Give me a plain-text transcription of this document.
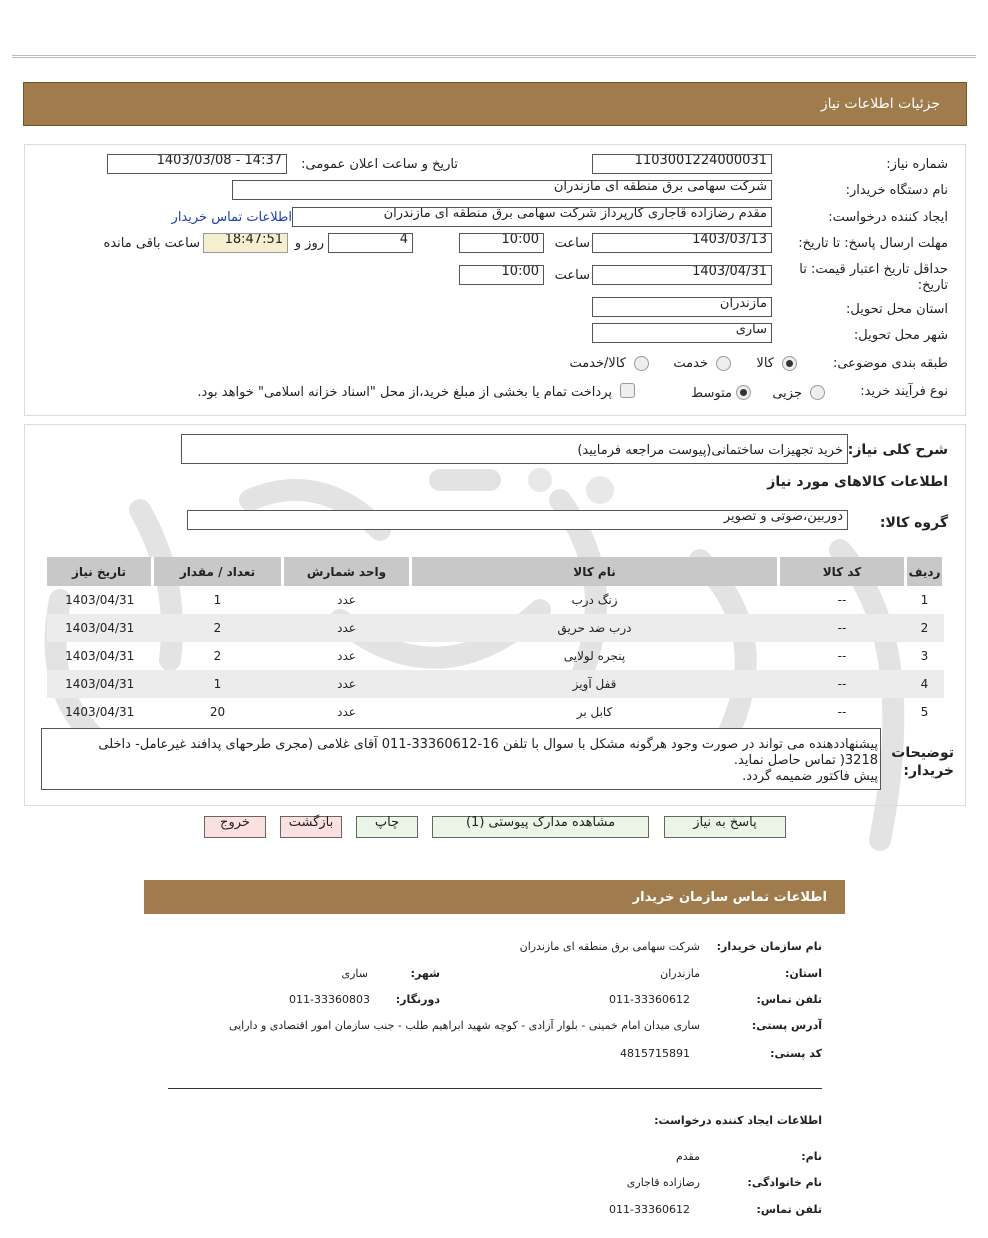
جزئیات اطلاعات نیاز
شماره نیاز:
1103001224000031
تاریخ و ساعت اعلان عمومی:
1403/03/08 - 14:37
نام دستگاه خریدار:
شرکت سهامی برق منطقه ای مازندران
ایجاد کننده درخواست:
مقدم رضازاده قاجاری کارپرداز شرکت سهامی برق منطقه ای مازندران
اطلاعات تماس خریدار
مهلت ارسال پاسخ: تا تاریخ:
1403/03/13
ساعت
10:00
4
روز و
18:47:51
ساعت باقی مانده
حداقل تاریخ اعتبار قیمت: تا تاریخ:
1403/04/31
ساعت
10:00
استان محل تحویل:
مازندران
شهر محل تحویل:
ساری
طبقه بندی موضوعی:
کالا
خدمت
کالا/خدمت
نوع فرآیند خرید:
جزیی
متوسط
پرداخت تمام یا بخشی از مبلغ خرید،از محل "اسناد خزانه اسلامی" خواهد بود.
شرح کلی نیاز:
خرید تجهیزات ساختمانی(پیوست مراجعه فرمایید)
اطلاعات کالاهای مورد نیاز
گروه کالا:
دوربین،صوتی و تصویر
ردیف	کد کالا	نام کالا	واحد شمارش	تعداد / مقدار	تاریخ نیاز
1	--	زنگ درب	عدد	1	1403/04/31
2	--	درب ضد حریق	عدد	2	1403/04/31
3	--	پنجره لولایی	عدد	2	1403/04/31
4	--	قفل آویز	عدد	1	1403/04/31
5	--	کابل بر	عدد	20	1403/04/31
توضیحات خریدار:
پیشنهاددهنده می تواند در صورت وجود هرگونه مشکل با سوال با تلفن 16-33360612-011 آقای غلامی (مجری طرحهای پدافند غیرعامل- داخلی
3218( تماس حاصل نماید.
پیش فاکتور ضمیمه گردد.
پاسخ به نیاز
مشاهده مدارک پیوستی (1)
چاپ
بازگشت
خروج
اطلاعات تماس سازمان خریدار
نام سازمان خریدار:
شرکت سهامی برق منطقه ای مازندران
استان:
مازندران
شهر:
ساری
تلفن تماس:
011-33360612
دورنگار:
011-33360803
آدرس پستی:
ساری میدان امام خمینی - بلوار آزادی - کوچه شهید ابراهیم طلب - جنب سازمان امور اقتصادی و دارایی
کد پستی:
4815715891
اطلاعات ایجاد کننده درخواست:
نام:
مقدم
نام خانوادگی:
رضازاده قاجاری
تلفن تماس:
011-33360612
